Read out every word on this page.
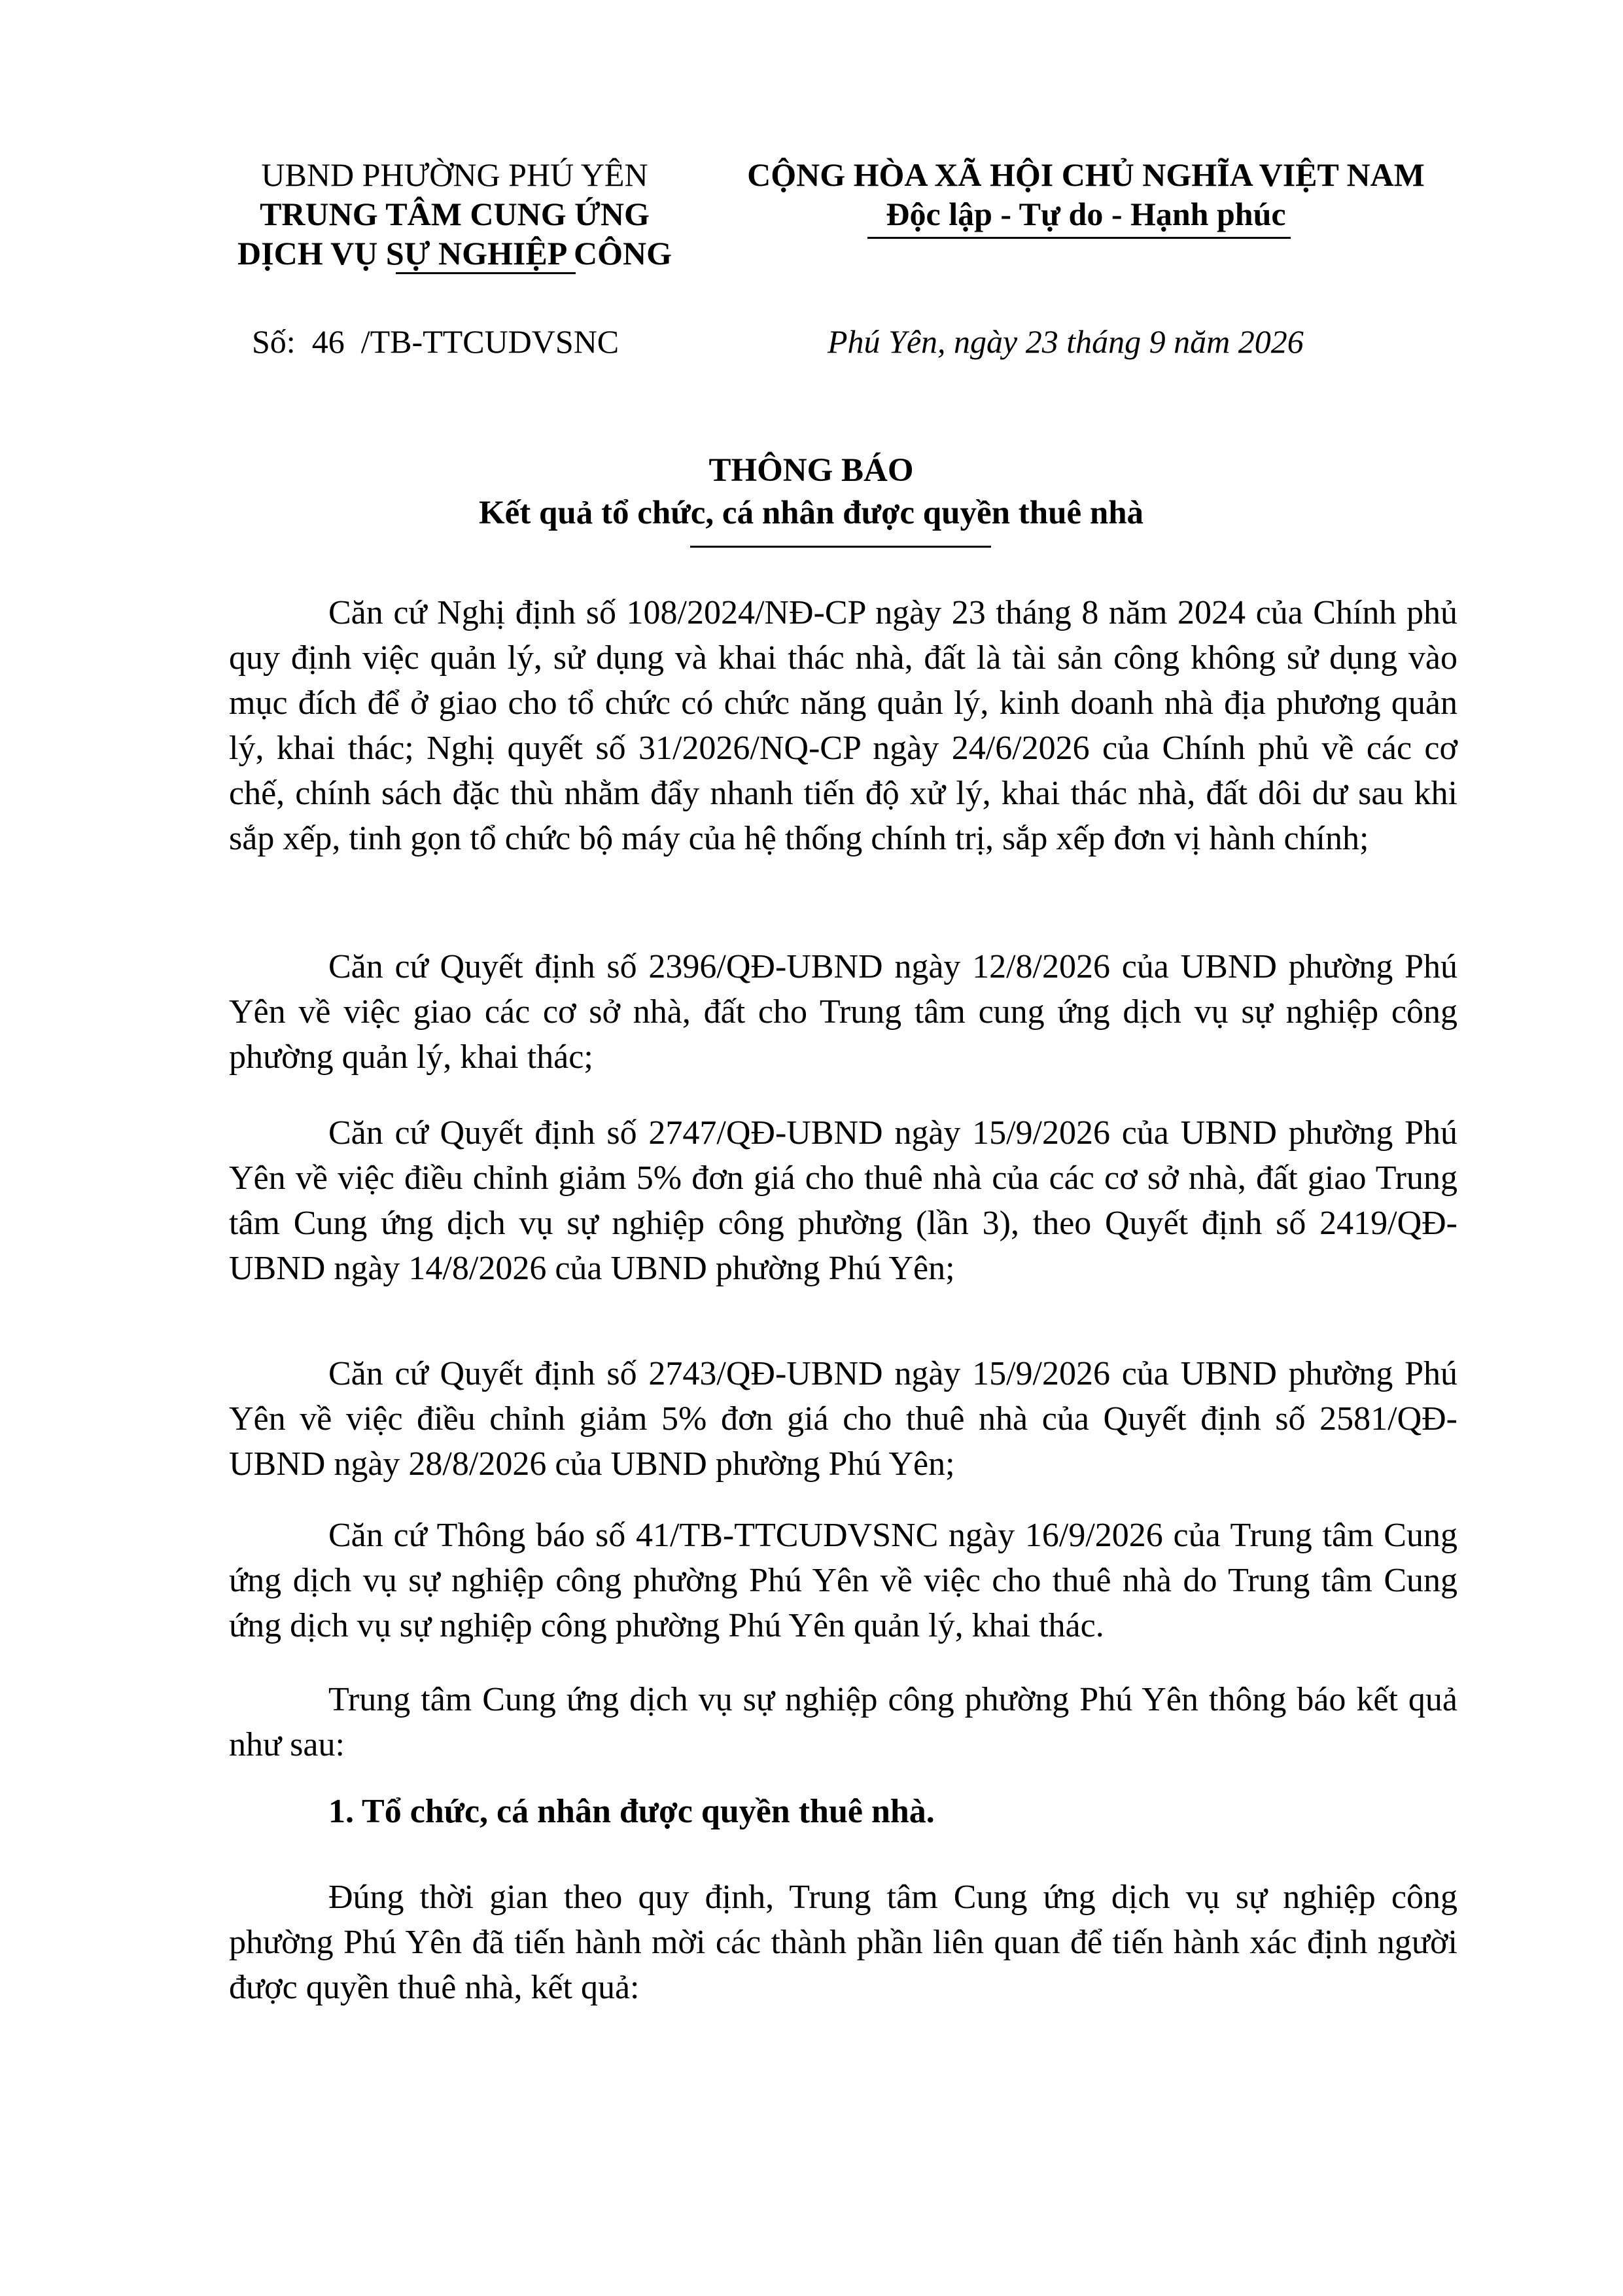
UBND PHƯỜNG PHÚ YÊN
TRUNG TÂM CUNG ỨNG
DỊCH VỤ SỰ NGHIỆP CÔNG
CỘNG HÒA XÃ HỘI CHỦ NGHĨA VIỆT NAM
Độc lập - Tự do - Hạnh phúc
Số: 46 /TB-TTCUDVSNC	Phú Yên, ngày 23 tháng 9 năm 2026
THÔNG BÁO
Kết quả tổ chức, cá nhân được quyền thuê nhà
Căn cứ Nghị định số 108/2024/NĐ-CP ngày 23 tháng 8 năm 2024 của Chính phủ quy định việc quản lý, sử dụng và khai thác nhà, đất là tài sản công không sử dụng vào mục đích để ở giao cho tổ chức có chức năng quản lý, kinh doanh nhà địa phương quản lý, khai thác; Nghị quyết số 31/2026/NQ-CP ngày 24/6/2026 của Chính phủ về các cơ chế, chính sách đặc thù nhằm đẩy nhanh tiến độ xử lý, khai thác nhà, đất dôi dư sau khi sắp xếp, tinh gọn tổ chức bộ máy của hệ thống chính trị, sắp xếp đơn vị hành chính;
Căn cứ Quyết định số 2396/QĐ-UBND ngày 12/8/2026 của UBND phường Phú Yên về việc giao các cơ sở nhà, đất cho Trung tâm cung ứng dịch vụ sự nghiệp công phường quản lý, khai thác;
Căn cứ Quyết định số 2747/QĐ-UBND ngày 15/9/2026 của UBND phường Phú Yên về việc điều chỉnh giảm 5% đơn giá cho thuê nhà của các cơ sở nhà, đất giao Trung tâm Cung ứng dịch vụ sự nghiệp công phường (lần 3), theo Quyết định số 2419/QĐ-UBND ngày 14/8/2026 của UBND phường Phú Yên;
Căn cứ Quyết định số 2743/QĐ-UBND ngày 15/9/2026 của UBND phường Phú Yên về việc điều chỉnh giảm 5% đơn giá cho thuê nhà của Quyết định số 2581/QĐ-UBND ngày 28/8/2026 của UBND phường Phú Yên;
Căn cứ Thông báo số 41/TB-TTCUDVSNC ngày 16/9/2026 của Trung tâm Cung ứng dịch vụ sự nghiệp công phường Phú Yên về việc cho thuê nhà do Trung tâm Cung ứng dịch vụ sự nghiệp công phường Phú Yên quản lý, khai thác.
Trung tâm Cung ứng dịch vụ sự nghiệp công phường Phú Yên thông báo kết quả như sau:
1. Tổ chức, cá nhân được quyền thuê nhà.
Đúng thời gian theo quy định, Trung tâm Cung ứng dịch vụ sự nghiệp công phường Phú Yên đã tiến hành mời các thành phần liên quan để tiến hành xác định người được quyền thuê nhà, kết quả:
